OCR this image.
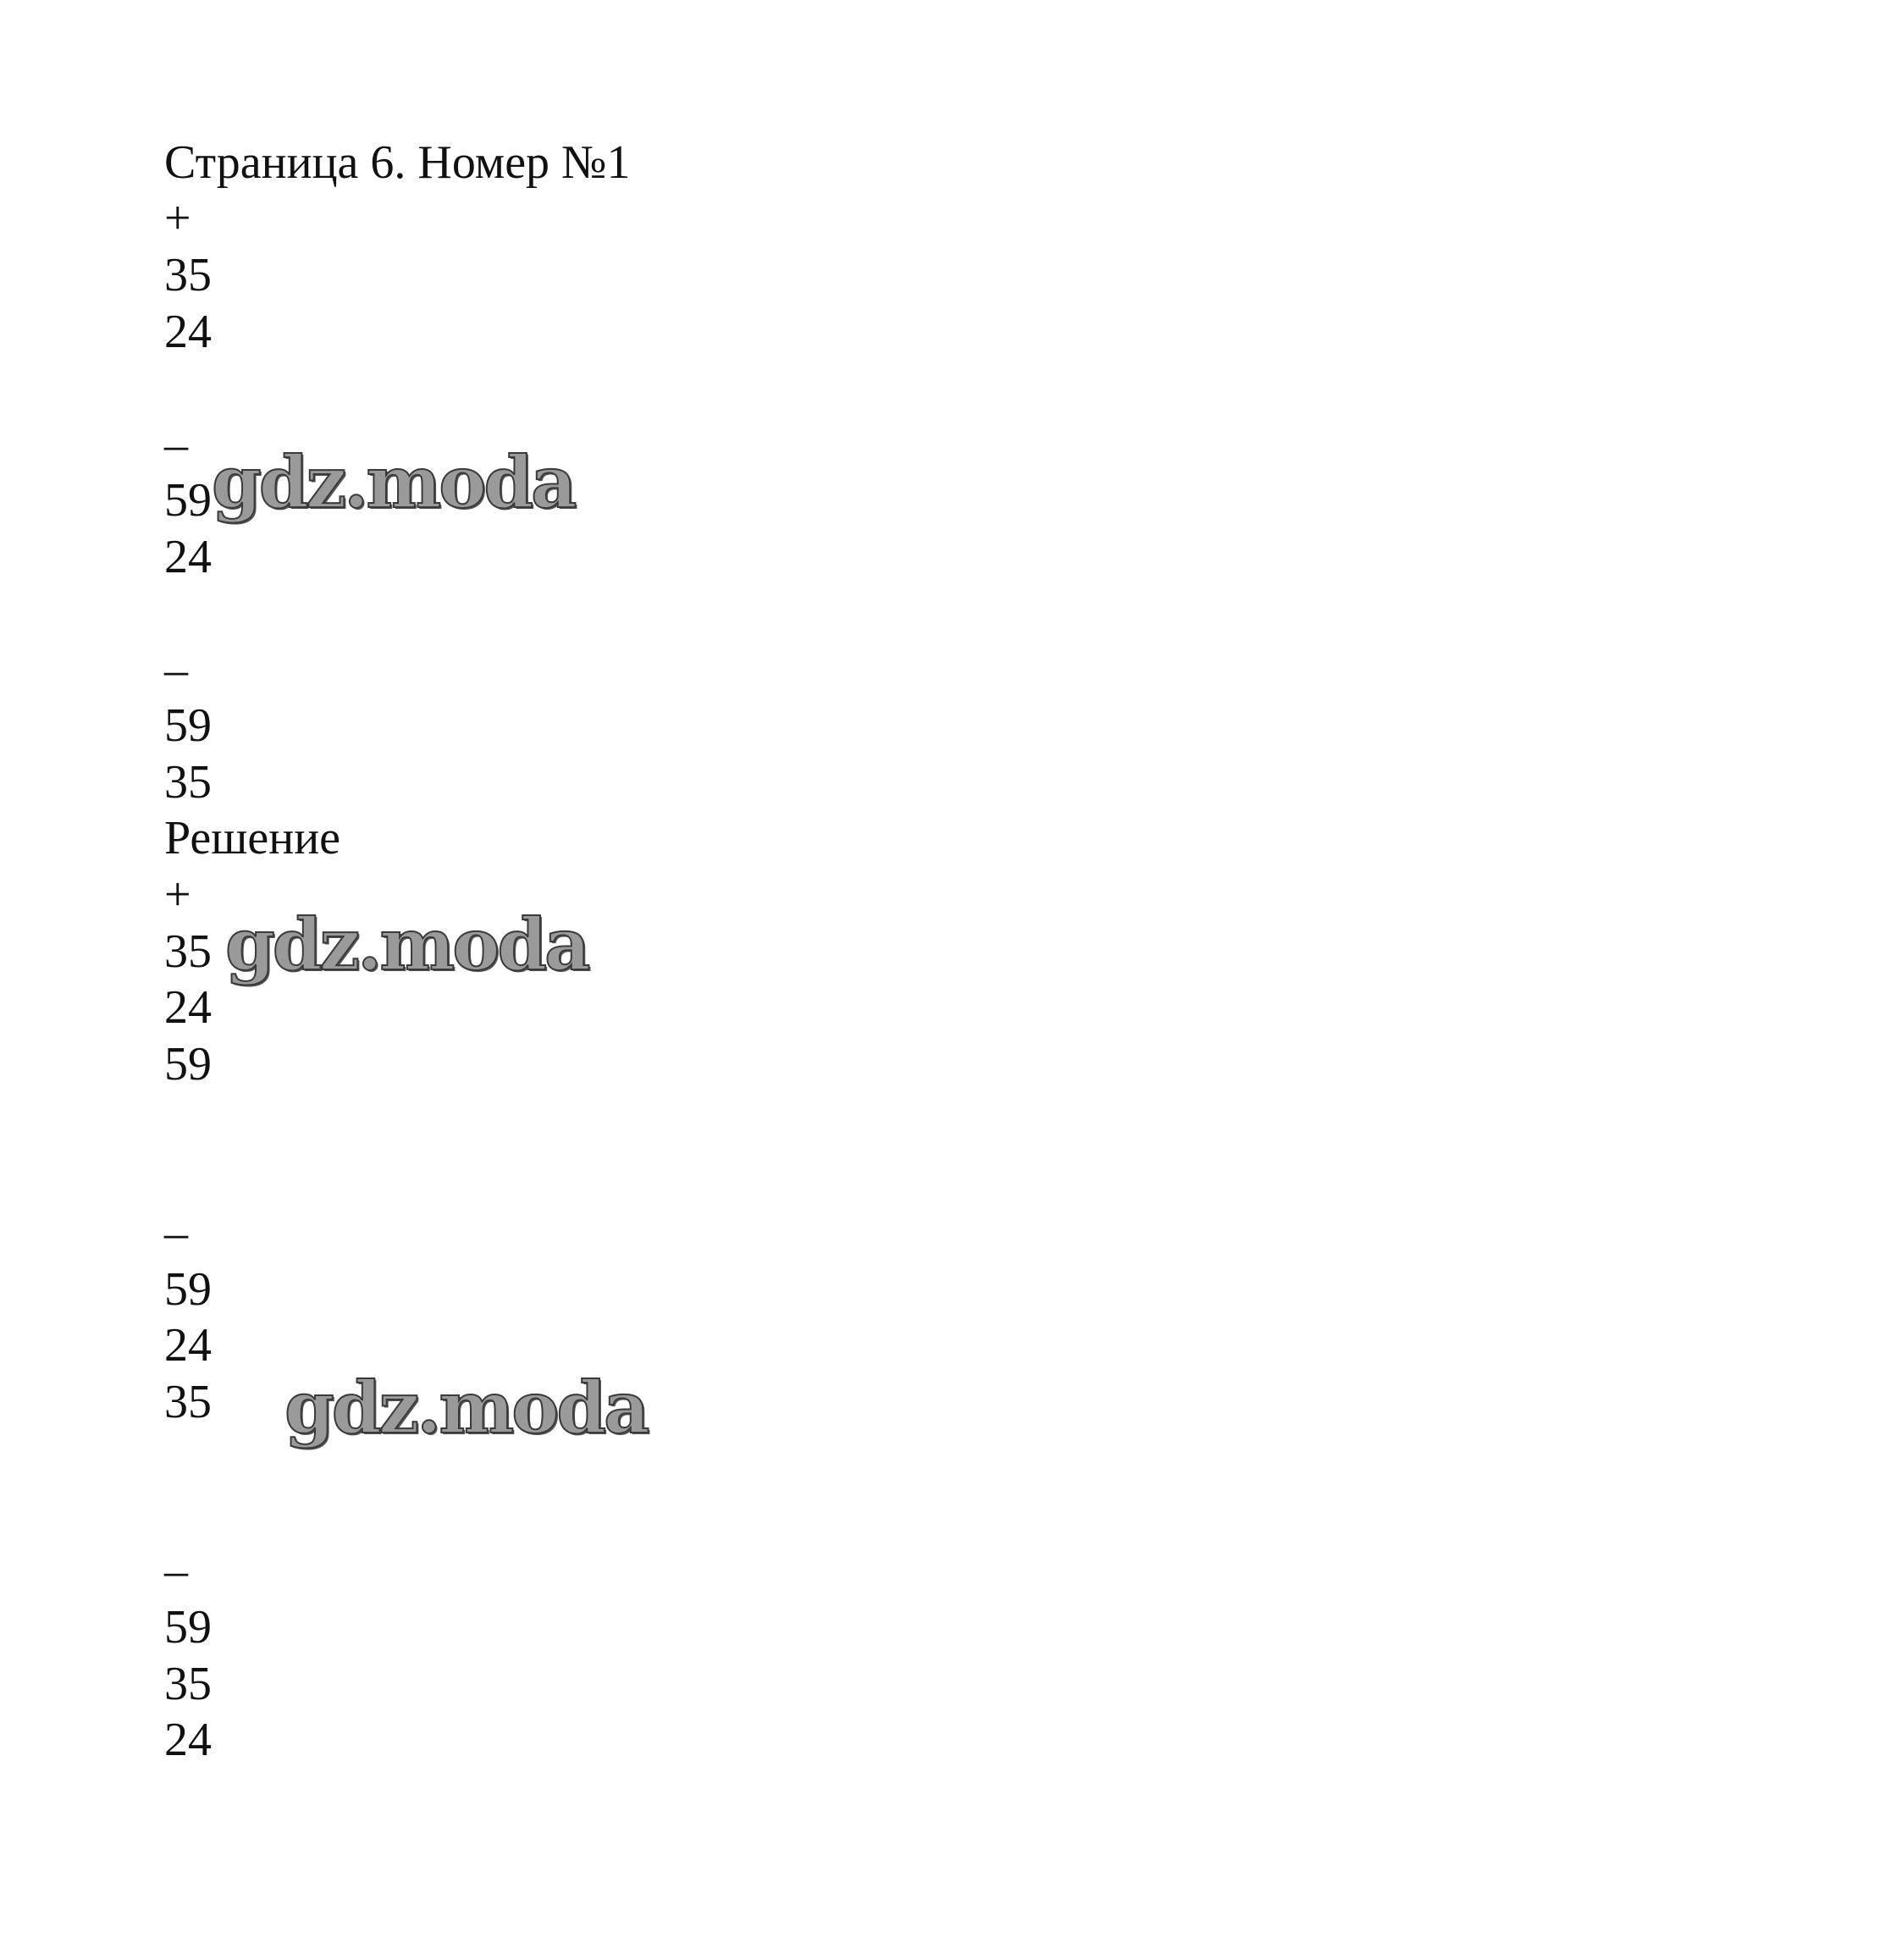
Страница 6. Номер №1
+
35
24
–
59
24
–
59
35
Решение
+
35
24
59
–
59
24
35
–
59
35
24
gdz.moda
gdz.moda
gdz.moda
